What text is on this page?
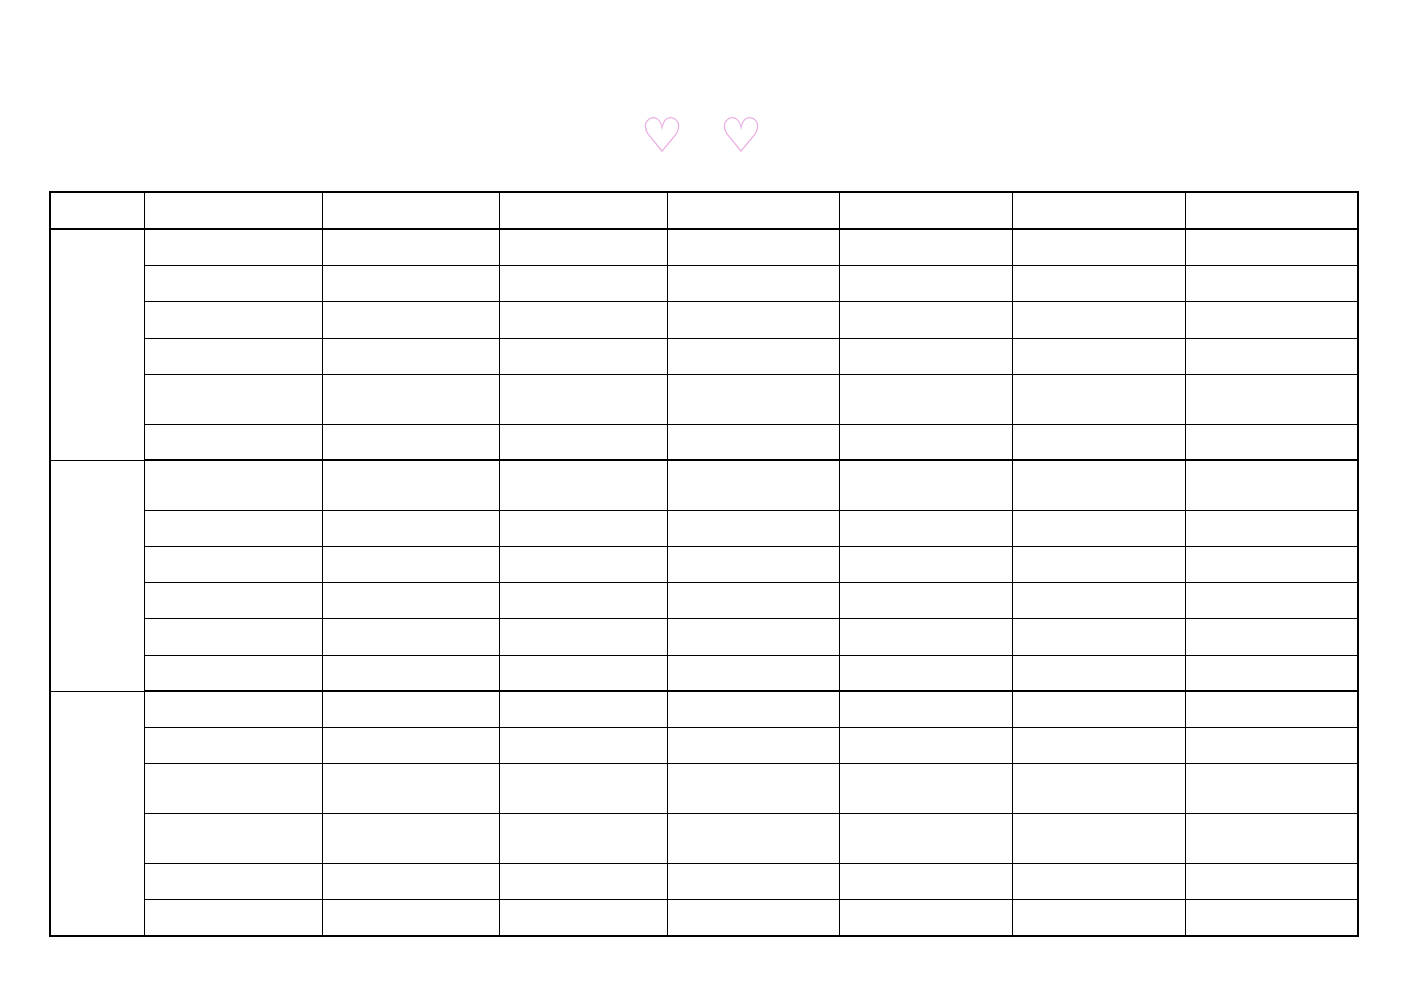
♡ ♡
